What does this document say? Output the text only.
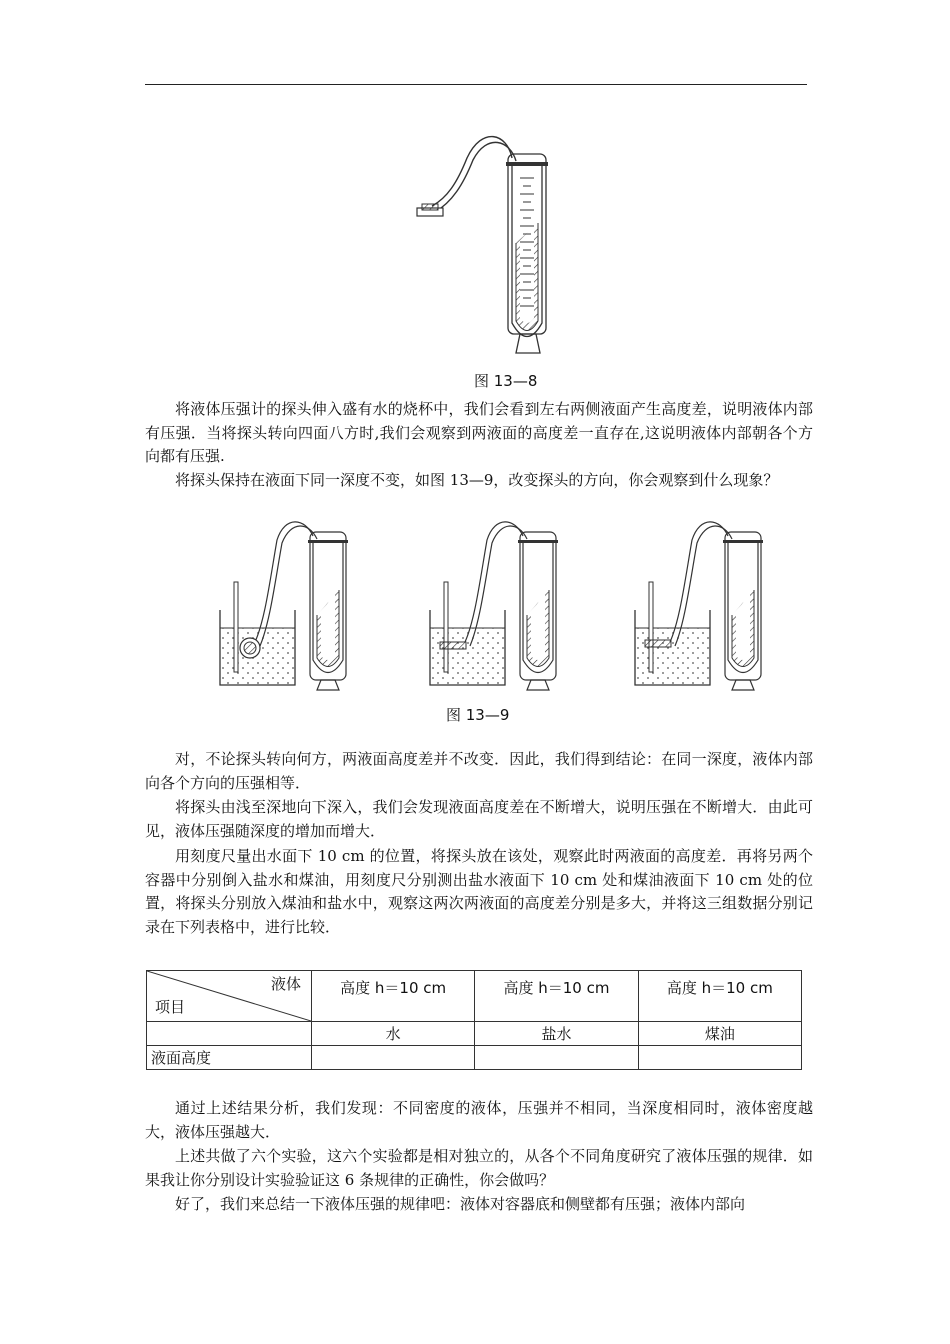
图 13—8

将液体压强计的探头伸入盛有水的烧杯中，我们会看到左右两侧液面产生高度差，说明液体内部有压强．当将探头转向四面八方时,我们会观察到两液面的高度差一直存在,这说明液体内部朝各个方向都有压强.

将探头保持在液面下同一深度不变，如图 13—9，改变探头的方向，你会观察到什么现象？

图 13—9

对，不论探头转向何方，两液面高度差并不改变．因此，我们得到结论：在同一深度，液体内部向各个方向的压强相等．

将探头由浅至深地向下深入，我们会发现液面高度差在不断增大，说明压强在不断增大．由此可见，液体压强随深度的增加而增大．

用刻度尺量出水面下 10 cm 的位置，将探头放在该处，观察此时两液面的高度差．再将另两个容器中分别倒入盐水和煤油，用刻度尺分别测出盐水液面下 10 cm 处和煤油液面下 10 cm 处的位置，将探头分别放入煤油和盐水中，观察这两次两液面的高度差分别是多大，并将这三组数据分别记录在下列表格中，进行比较．

液体
项目	高度 h＝10 cm	高度 h＝10 cm	高度 h＝10 cm
	水	盐水	煤油
液面高度			

通过上述结果分析，我们发现：不同密度的液体，压强并不相同，当深度相同时，液体密度越大，液体压强越大．

上述共做了六个实验，这六个实验都是相对独立的，从各个不同角度研究了液体压强的规律．如果我让你分别设计实验验证这 6 条规律的正确性，你会做吗？

好了，我们来总结一下液体压强的规律吧：液体对容器底和侧壁都有压强；液体内部向
